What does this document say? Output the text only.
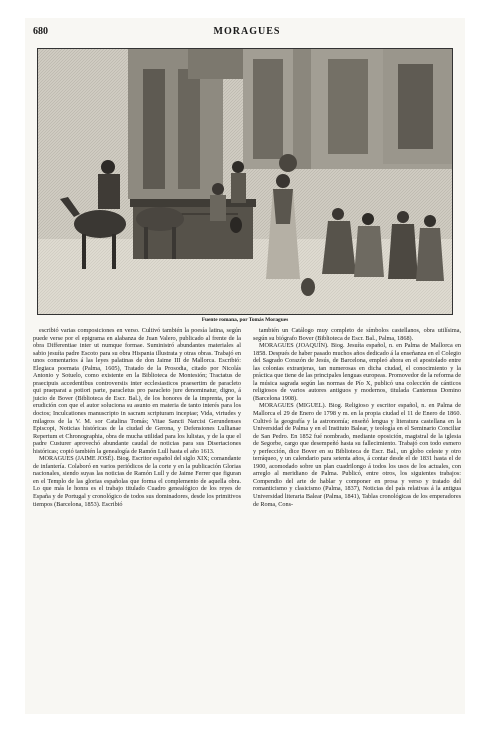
680	MORAGUES
Fuente romana, por Tomás Moragues

escribió varias composiciones en verso. Cultivó también la poesía latina, según puede verse por el epigrama en alabanza de Juan Valero, publicado al frente de la obra Differentiae inter ut numque formae. Suministró abundantes materiales al sabio jesuíta padre Escoto para su obra Hispania illustrata y otras obras. Trabajó en unos comentarios á las leyes palatinas de don Jaime III de Mallorca. Escribió: Elegiaca poemata (Palma, 1605), Tratado de la Prosodia, citado por Nicolás Antonio y Sotuelo, como existente en la Biblioteca de Montesión; Tractatus de praecipuis accedentibus controversiis inter ecclesiasticos praesertim de paracleto qui praeparat a potiori parte, paracletus pro paracleto jure denominatur, digno, á juicio de Bover (Biblioteca de Escr. Bal.), de los honores de la imprenta, por la erudición con que el autor soluciona su asunto en materia de tanto interés para los doctos; Inculcationes manuscripto in sacram scripturam inceptae; Vida, virtudes y milagros de la V. M. sor Catalina Tomás; Vitae Sancti Narcisi Gerundenses Episcopi, Noticias históricas de la ciudad de Gerona, y Defensiones Lullianae Repertum et Chronographia, obra de mucha utilidad para los lulistas, y de la que el padre Custurer aprovechó abundante caudal de noticias para sus Disertaciones históricas; copió también la genealogía de Ramón Lull hasta el año 1613.

MORAGUES (JAIME JOSÉ). Biog. Escritor español del siglo XIX; comandante de infantería. Colaboró en varios periódicos de la corte y en la publicación Glorias nacionales, siendo suyas las noticias de Ramón Lull y de Jaime Ferrer que figuran en el Templo de las glorias españolas que forma el complemento de aquella obra. Lo que más le honra es el trabajo titulado Cuadro genealógico de los reyes de España y de Portugal y cronológico de todos sus dominadores, desde los primitivos tiempos (Barcelona, 1853). Escribió

también un Catálogo muy completo de símbolos castellanos, obra utilísima, según su biógrafo Bover (Biblioteca de Escr. Bal., Palma, 1868).

MORAGUES (JOAQUÍN). Biog. Jesuíta español, n. en Palma de Mallorca en 1858. Después de haber pasado muchos años dedicado á la enseñanza en el Colegio del Sagrado Corazón de Jesús, de Barcelona, empleó ahora en el apostolado entre las colonias extranjeras, tan numerosas en dicha ciudad, el conocimiento y la práctica que tiene de las principales lenguas europeas. Promovedor de la reforma de la música sagrada según las normas de Pío X, publicó una colección de cánticos religiosos de varios autores antiguos y modernos, titulada Cantemus Domino (Barcelona 1908).

MORAGUES (MIGUEL). Biog. Religioso y escritor español, n. en Palma de Mallorca el 29 de Enero de 1798 y m. en la propia ciudad el 11 de Enero de 1860. Cultivó la geografía y la astronomía; enseñó lengua y literatura castellana en la Universidad de Palma y en el Instituto Balear, y teología en el Seminario Conciliar de San Pedro. En 1852 fué nombrado, mediante oposición, magistral de la iglesia de Segorbe, cargo que desempeñó hasta su fallecimiento. Trabajó con todo esmero y perfección, dice Bover en su Biblioteca de Escr. Bal., un globo celeste y otro terráqueo, y un calendario para setenta años, á contar desde el de 1831 hasta el de 1900, acomodado sobre un plan cuadrilongo á todos los usos de los actuales, con arreglo al meridiano de Palma. Publicó, entre otros, los siguientes trabajos: Compendio del arte de hablar y componer en prosa y verso y tratado del romanticismo y clasicismo (Palma, 1837), Noticias del país relativas á la antigua Universidad literaria Balear (Palma, 1841), Tablas cronológicas de los emperadores de Roma, Cons-
